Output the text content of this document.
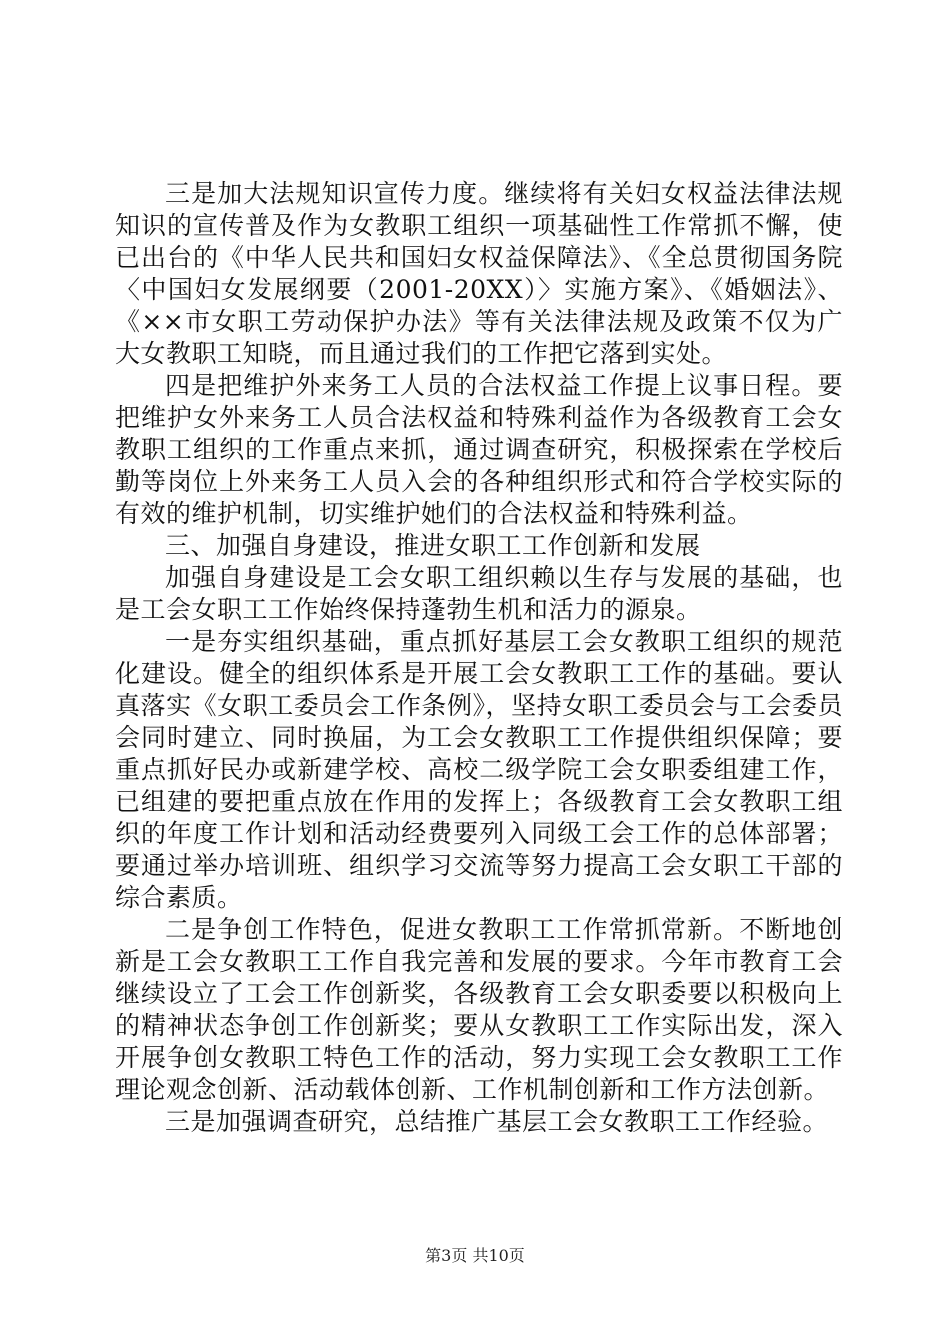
三是加大法规知识宣传力度。继续将有关妇女权益法律法规知识的宣传普及作为女教职工组织一项基础性工作常抓不懈，使已出台的《中华人民共和国妇女权益保障法》、《全总贯彻国务院〈中国妇女发展纲要（2001-20XX）〉实施方案》、《婚姻法》、《××市女职工劳动保护办法》等有关法律法规及政策不仅为广大女教职工知晓，而且通过我们的工作把它落到实处。

四是把维护外来务工人员的合法权益工作提上议事日程。要把维护女外来务工人员合法权益和特殊利益作为各级教育工会女教职工组织的工作重点来抓，通过调查研究，积极探索在学校后勤等岗位上外来务工人员入会的各种组织形式和符合学校实际的有效的维护机制，切实维护她们的合法权益和特殊利益。

三、加强自身建设，推进女职工工作创新和发展

加强自身建设是工会女职工组织赖以生存与发展的基础，也是工会女职工工作始终保持蓬勃生机和活力的源泉。

一是夯实组织基础，重点抓好基层工会女教职工组织的规范化建设。健全的组织体系是开展工会女教职工工作的基础。要认真落实《女职工委员会工作条例》，坚持女职工委员会与工会委员会同时建立、同时换届，为工会女教职工工作提供组织保障；要重点抓好民办或新建学校、高校二级学院工会女职委组建工作，已组建的要把重点放在作用的发挥上；各级教育工会女教职工组织的年度工作计划和活动经费要列入同级工会工作的总体部署；要通过举办培训班、组织学习交流等努力提高工会女职工干部的综合素质。

二是争创工作特色，促进女教职工工作常抓常新。不断地创新是工会女教职工工作自我完善和发展的要求。今年市教育工会继续设立了工会工作创新奖，各级教育工会女职委要以积极向上的精神状态争创工作创新奖；要从女教职工工作实际出发，深入开展争创女教职工特色工作的活动，努力实现工会女教职工工作理论观念创新、活动载体创新、工作机制创新和工作方法创新。

三是加强调查研究，总结推广基层工会女教职工工作经验。

第3页 共10页
